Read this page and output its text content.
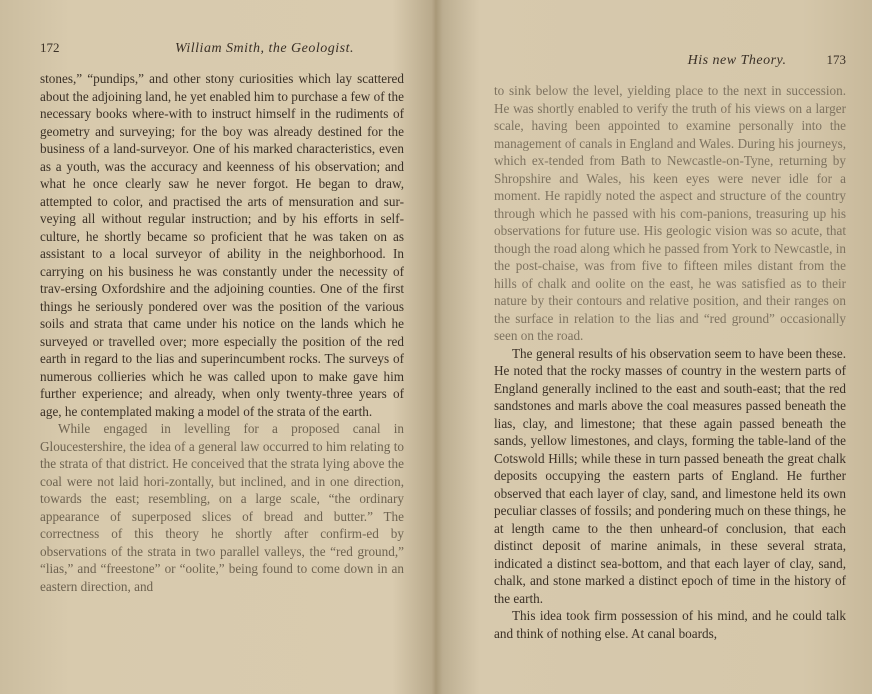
172	William Smith, the Geologist.

stones,” “pundips,” and other stony curiosities which lay scattered about the adjoining land, he yet enabled him to purchase a few of the necessary books where-with to instruct himself in the rudiments of geometry and surveying; for the boy was already destined for the business of a land-surveyor. One of his marked characteristics, even as a youth, was the accuracy and keenness of his observation; and what he once clearly saw he never forgot. He began to draw, attempted to color, and practised the arts of mensuration and sur-veying all without regular instruction; and by his efforts in self-culture, he shortly became so proficient that he was taken on as assistant to a local surveyor of ability in the neighborhood. In carrying on his business he was constantly under the necessity of trav-ersing Oxfordshire and the adjoining counties. One of the first things he seriously pondered over was the position of the various soils and strata that came under his notice on the lands which he surveyed or travelled over; more especially the position of the red earth in regard to the lias and superincumbent rocks. The surveys of numerous collieries which he was called upon to make gave him further experience; and already, when only twenty-three years of age, he contemplated making a model of the strata of the earth.

While engaged in levelling for a proposed canal in Gloucestershire, the idea of a general law occurred to him relating to the strata of that district. He conceived that the strata lying above the coal were not laid hori-zontally, but inclined, and in one direction, towards the east; resembling, on a large scale, “the ordinary appearance of superposed slices of bread and butter.” The correctness of this theory he shortly after confirm-ed by observations of the strata in two parallel valleys, the “red ground,” “lias,” and “freestone” or “oolite,” being found to come down in an eastern direction, and

His new Theory.	173

to sink below the level, yielding place to the next in succession. He was shortly enabled to verify the truth of his views on a larger scale, having been appointed to examine personally into the management of canals in England and Wales. During his journeys, which ex-tended from Bath to Newcastle-on-Tyne, returning by Shropshire and Wales, his keen eyes were never idle for a moment. He rapidly noted the aspect and structure of the country through which he passed with his com-panions, treasuring up his observations for future use. His geologic vision was so acute, that though the road along which he passed from York to Newcastle, in the post-chaise, was from five to fifteen miles distant from the hills of chalk and oolite on the east, he was satisfied as to their nature by their contours and relative position, and their ranges on the surface in relation to the lias and “red ground” occasionally seen on the road.

The general results of his observation seem to have been these. He noted that the rocky masses of country in the western parts of England generally inclined to the east and south-east; that the red sandstones and marls above the coal measures passed beneath the lias, clay, and limestone; that these again passed beneath the sands, yellow limestones, and clays, forming the table-land of the Cotswold Hills; while these in turn passed beneath the great chalk deposits occupying the eastern parts of England. He further observed that each layer of clay, sand, and limestone held its own peculiar classes of fossils; and pondering much on these things, he at length came to the then unheard-of conclusion, that each distinct deposit of marine animals, in these several strata, indicated a distinct sea-bottom, and that each layer of clay, sand, chalk, and stone marked a distinct epoch of time in the history of the earth.

This idea took firm possession of his mind, and he could talk and think of nothing else. At canal boards,
